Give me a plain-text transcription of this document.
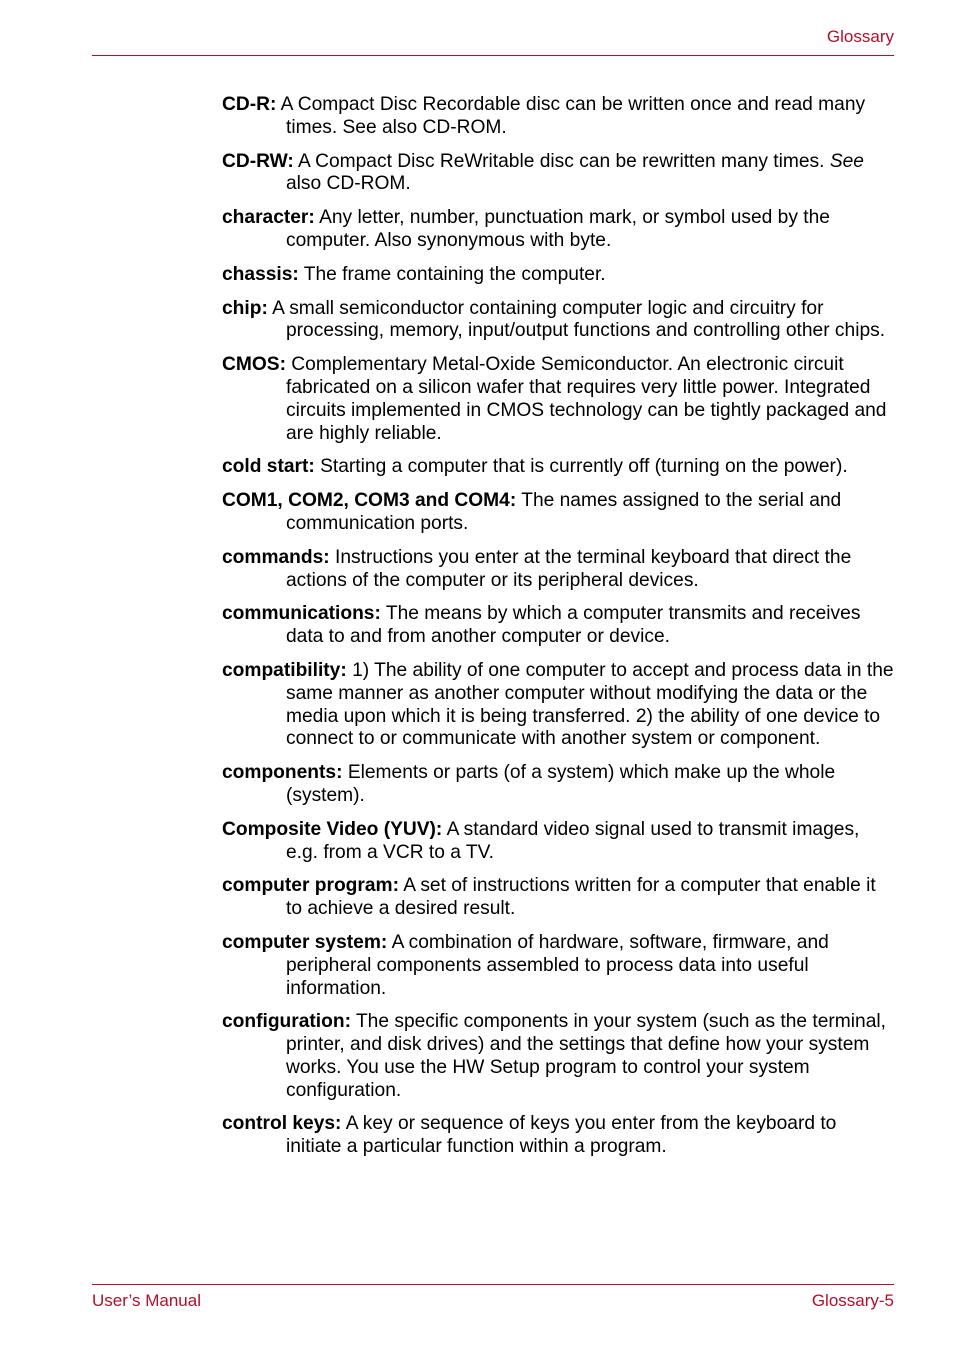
Glossary

CD-R: A Compact Disc Recordable disc can be written once and read many times. See also CD-ROM.

CD-RW: A Compact Disc ReWritable disc can be rewritten many times. See also CD-ROM.

character: Any letter, number, punctuation mark, or symbol used by the computer. Also synonymous with byte.

chassis: The frame containing the computer.

chip: A small semiconductor containing computer logic and circuitry for processing, memory, input/output functions and controlling other chips.

CMOS: Complementary Metal-Oxide Semiconductor. An electronic circuit fabricated on a silicon wafer that requires very little power. Integrated circuits implemented in CMOS technology can be tightly packaged and are highly reliable.

cold start: Starting a computer that is currently off (turning on the power).

COM1, COM2, COM3 and COM4: The names assigned to the serial and communication ports.

commands: Instructions you enter at the terminal keyboard that direct the actions of the computer or its peripheral devices.

communications: The means by which a computer transmits and receives data to and from another computer or device.

compatibility: 1) The ability of one computer to accept and process data in the same manner as another computer without modifying the data or the media upon which it is being transferred. 2) the ability of one device to connect to or communicate with another system or component.

components: Elements or parts (of a system) which make up the whole (system).

Composite Video (YUV): A standard video signal used to transmit images, e.g. from a VCR to a TV.

computer program: A set of instructions written for a computer that enable it to achieve a desired result.

computer system: A combination of hardware, software, firmware, and peripheral components assembled to process data into useful information.

configuration: The specific components in your system (such as the terminal, printer, and disk drives) and the settings that define how your system works. You use the HW Setup program to control your system configuration.

control keys: A key or sequence of keys you enter from the keyboard to initiate a particular function within a program.

User’s Manual	Glossary-5
